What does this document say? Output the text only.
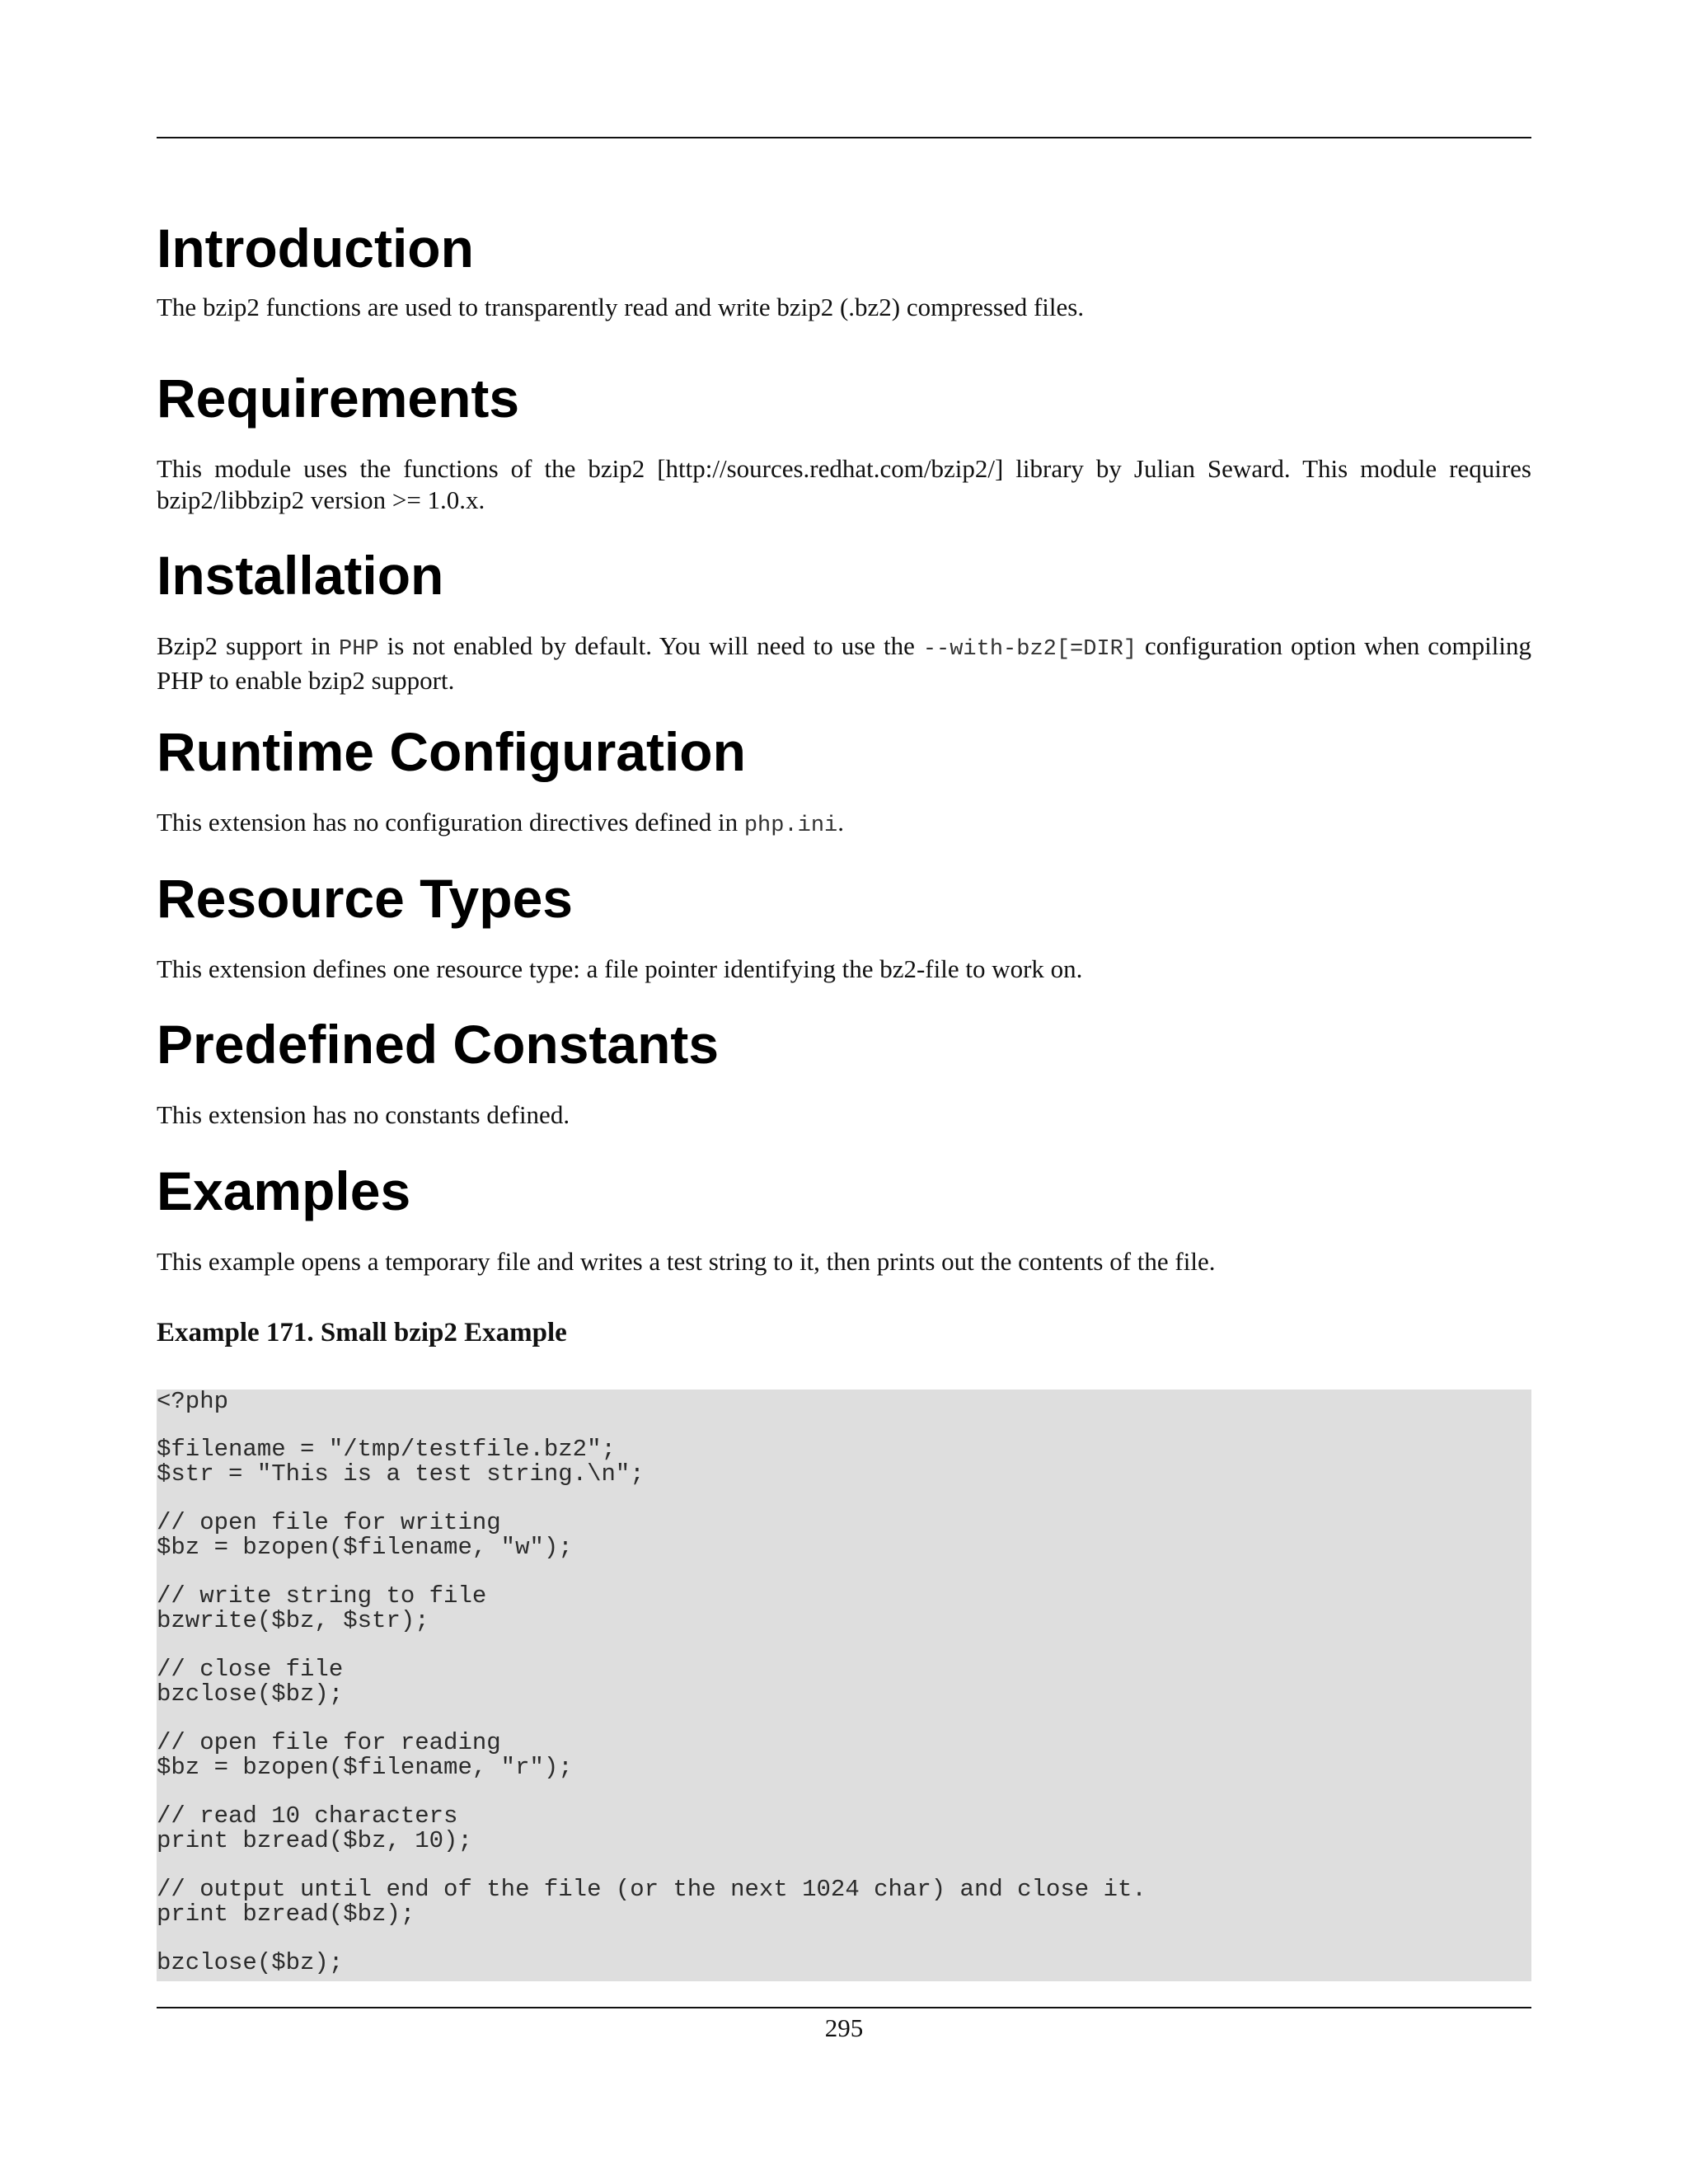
Introduction

The bzip2 functions are used to transparently read and write bzip2 (.bz2) compressed files.

Requirements

This module uses the functions of the bzip2 [http://sources.redhat.com/bzip2/] library by Julian Seward. This module requires bzip2/libbzip2 version >= 1.0.x.

Installation

Bzip2 support in PHP is not enabled by default. You will need to use the --with-bz2[=DIR] configuration option when compiling PHP to enable bzip2 support.

Runtime Configuration

This extension has no configuration directives defined in php.ini.

Resource Types

This extension defines one resource type: a file pointer identifying the bz2-file to work on.

Predefined Constants

This extension has no constants defined.

Examples

This example opens a temporary file and writes a test string to it, then prints out the contents of the file.

Example 171. Small bzip2 Example
<?php
$filename = "/tmp/testfile.bz2";
$str = "This is a test string.\n";
// open file for writing
$bz = bzopen($filename, "w");
// write string to file
bzwrite($bz, $str);
// close file
bzclose($bz);
// open file for reading
$bz = bzopen($filename, "r");
// read 10 characters
print bzread($bz, 10);
// output until end of the file (or the next 1024 char) and close it.
print bzread($bz);
bzclose($bz);
295
